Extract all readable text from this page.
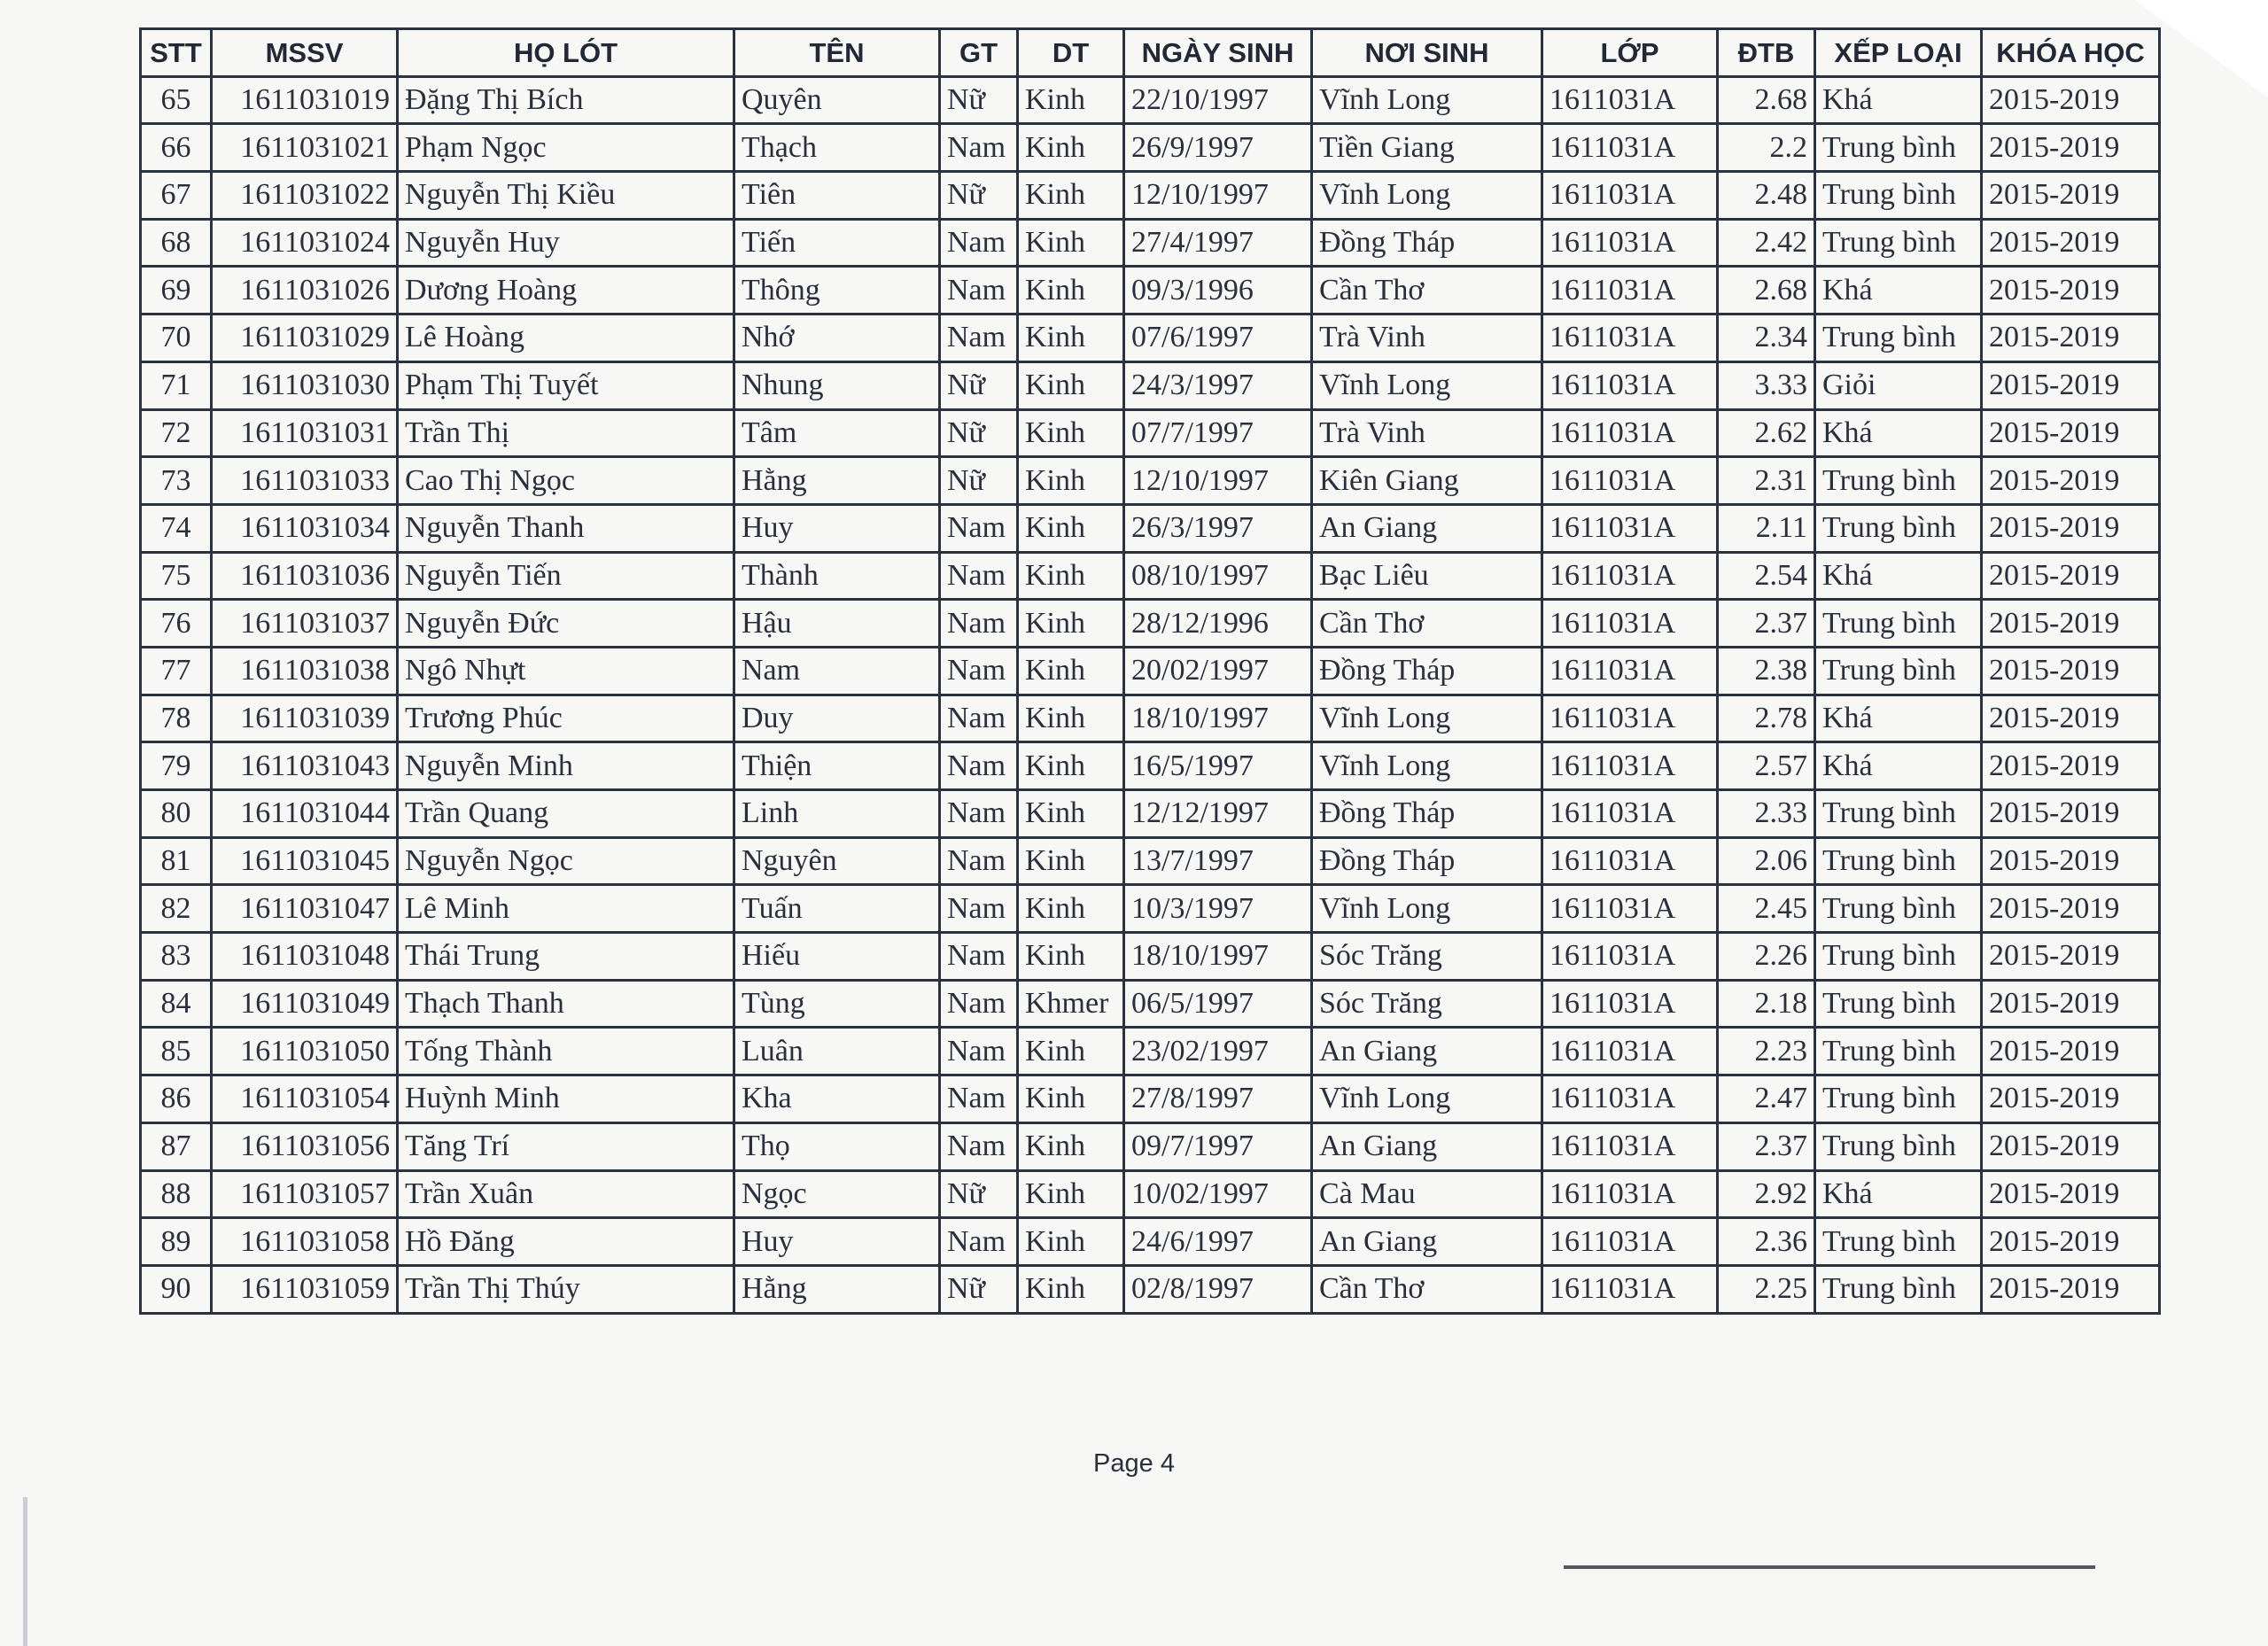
STT	MSSV	HỌ LÓT	TÊN	GT	DT	NGÀY SINH	NƠI SINH	LỚP	ĐTB	XẾP LOẠI	KHÓA HỌC
65	1611031019	Đặng Thị Bích	Quyên	Nữ	Kinh	22/10/1997	Vĩnh Long	1611031A	2.68	Khá	2015-2019
66	1611031021	Phạm Ngọc	Thạch	Nam	Kinh	26/9/1997	Tiền Giang	1611031A	2.2	Trung bình	2015-2019
67	1611031022	Nguyễn Thị Kiều	Tiên	Nữ	Kinh	12/10/1997	Vĩnh Long	1611031A	2.48	Trung bình	2015-2019
68	1611031024	Nguyễn Huy	Tiến	Nam	Kinh	27/4/1997	Đồng Tháp	1611031A	2.42	Trung bình	2015-2019
69	1611031026	Dương Hoàng	Thông	Nam	Kinh	09/3/1996	Cần Thơ	1611031A	2.68	Khá	2015-2019
70	1611031029	Lê Hoàng	Nhớ	Nam	Kinh	07/6/1997	Trà Vinh	1611031A	2.34	Trung bình	2015-2019
71	1611031030	Phạm Thị Tuyết	Nhung	Nữ	Kinh	24/3/1997	Vĩnh Long	1611031A	3.33	Giỏi	2015-2019
72	1611031031	Trần Thị	Tâm	Nữ	Kinh	07/7/1997	Trà Vinh	1611031A	2.62	Khá	2015-2019
73	1611031033	Cao Thị Ngọc	Hằng	Nữ	Kinh	12/10/1997	Kiên Giang	1611031A	2.31	Trung bình	2015-2019
74	1611031034	Nguyễn Thanh	Huy	Nam	Kinh	26/3/1997	An Giang	1611031A	2.11	Trung bình	2015-2019
75	1611031036	Nguyễn Tiến	Thành	Nam	Kinh	08/10/1997	Bạc Liêu	1611031A	2.54	Khá	2015-2019
76	1611031037	Nguyễn Đức	Hậu	Nam	Kinh	28/12/1996	Cần Thơ	1611031A	2.37	Trung bình	2015-2019
77	1611031038	Ngô Nhựt	Nam	Nam	Kinh	20/02/1997	Đồng Tháp	1611031A	2.38	Trung bình	2015-2019
78	1611031039	Trương Phúc	Duy	Nam	Kinh	18/10/1997	Vĩnh Long	1611031A	2.78	Khá	2015-2019
79	1611031043	Nguyễn Minh	Thiện	Nam	Kinh	16/5/1997	Vĩnh Long	1611031A	2.57	Khá	2015-2019
80	1611031044	Trần Quang	Linh	Nam	Kinh	12/12/1997	Đồng Tháp	1611031A	2.33	Trung bình	2015-2019
81	1611031045	Nguyễn Ngọc	Nguyên	Nam	Kinh	13/7/1997	Đồng Tháp	1611031A	2.06	Trung bình	2015-2019
82	1611031047	Lê Minh	Tuấn	Nam	Kinh	10/3/1997	Vĩnh Long	1611031A	2.45	Trung bình	2015-2019
83	1611031048	Thái Trung	Hiếu	Nam	Kinh	18/10/1997	Sóc Trăng	1611031A	2.26	Trung bình	2015-2019
84	1611031049	Thạch Thanh	Tùng	Nam	Khmer	06/5/1997	Sóc Trăng	1611031A	2.18	Trung bình	2015-2019
85	1611031050	Tống Thành	Luân	Nam	Kinh	23/02/1997	An Giang	1611031A	2.23	Trung bình	2015-2019
86	1611031054	Huỳnh Minh	Kha	Nam	Kinh	27/8/1997	Vĩnh Long	1611031A	2.47	Trung bình	2015-2019
87	1611031056	Tăng Trí	Thọ	Nam	Kinh	09/7/1997	An Giang	1611031A	2.37	Trung bình	2015-2019
88	1611031057	Trần Xuân	Ngọc	Nữ	Kinh	10/02/1997	Cà Mau	1611031A	2.92	Khá	2015-2019
89	1611031058	Hồ Đăng	Huy	Nam	Kinh	24/6/1997	An Giang	1611031A	2.36	Trung bình	2015-2019
90	1611031059	Trần Thị Thúy	Hằng	Nữ	Kinh	02/8/1997	Cần Thơ	1611031A	2.25	Trung bình	2015-2019
Page 4
